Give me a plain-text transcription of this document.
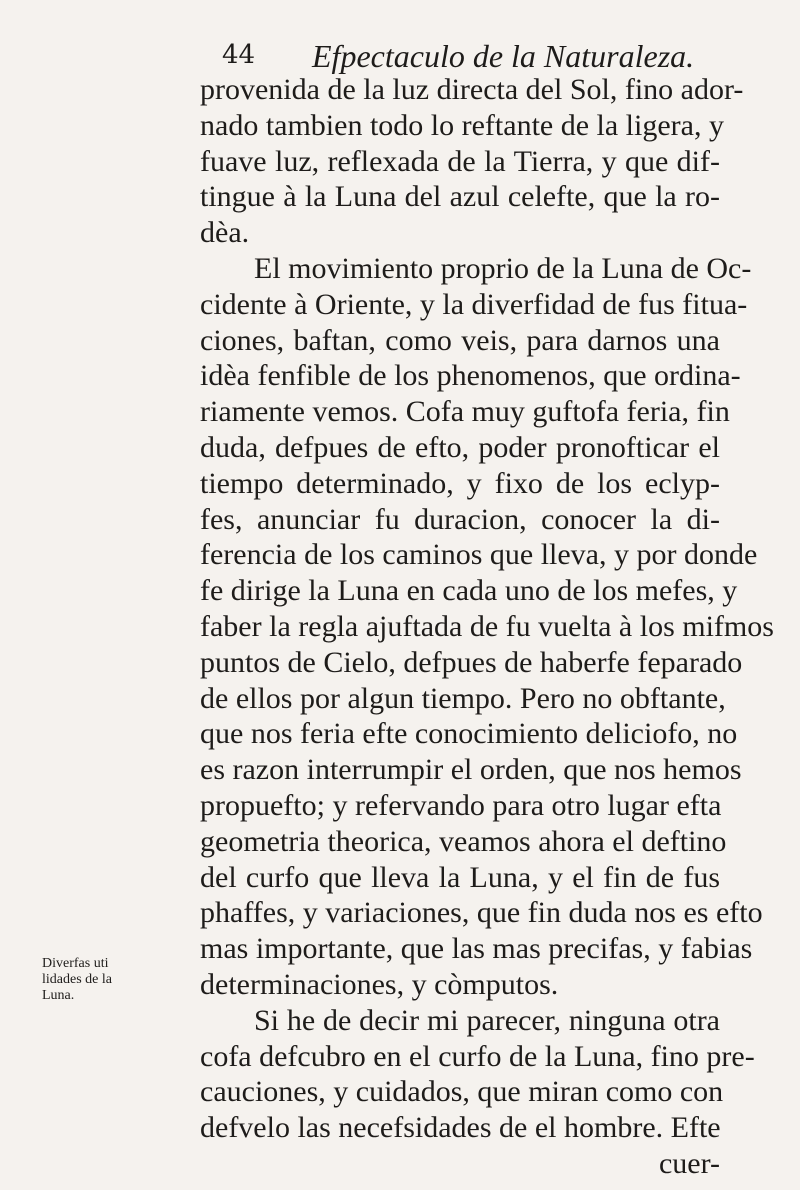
44 Efpectaculo de la Naturaleza.
Diverfas uti
lidades de la
Luna.
provenida de la luz directa del Sol, fino ador-
nado tambien todo lo reftante de la ligera, y
fuave luz, reflexada de la Tierra, y que dif-
tingue à la Luna del azul celefte, que la ro-
dèa.
El movimiento proprio de la Luna de Oc-
cidente à Oriente, y la diverfidad de fus fitua-
ciones, baftan, como veis, para darnos una
idèa fenfible de los phenomenos, que ordina-
riamente vemos. Cofa muy guftofa feria, fin
duda, defpues de efto, poder pronofticar el
tiempo determinado, y fixo de los eclyp-
fes, anunciar fu duracion, conocer la di-
ferencia de los caminos que lleva, y por donde
fe dirige la Luna en cada uno de los mefes, y
faber la regla ajuftada de fu vuelta à los mifmos
puntos de Cielo, defpues de haberfe feparado
de ellos por algun tiempo. Pero no obftante,
que nos feria efte conocimiento deliciofo, no
es razon interrumpir el orden, que nos hemos
propuefto; y refervando para otro lugar efta
geometria theorica, veamos ahora el deftino
del curfo que lleva la Luna, y el fin de fus
phaffes, y variaciones, que fin duda nos es efto
mas importante, que las mas precifas, y fabias
determinaciones, y còmputos.
Si he de decir mi parecer, ninguna otra
cofa defcubro en el curfo de la Luna, fino pre-
cauciones, y cuidados, que miran como con
defvelo las necefsidades de el hombre. Efte
cuer-
